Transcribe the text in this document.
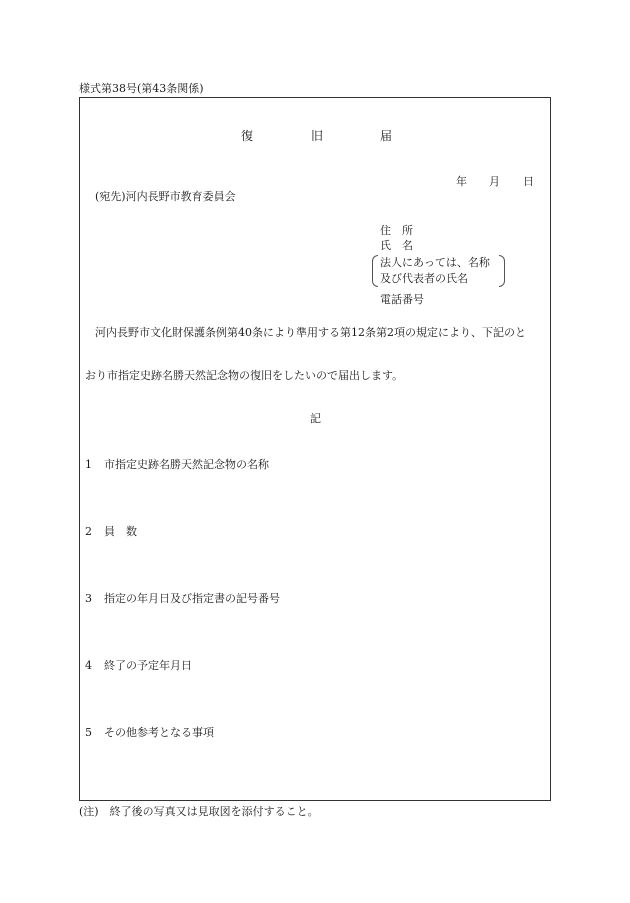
様式第38号(第43条関係)
復	旧	届
年 月 日
(宛先)河内長野市教育委員会
住　所
氏　名
法人にあっては、名称
及び代表者の氏名
電話番号
河内長野市文化財保護条例第40条により準用する第12条第2項の規定により、下記のと
おり市指定史跡名勝天然記念物の復旧をしたいので届出します。
記
1 市指定史跡名勝天然記念物の名称
2 員　数
3 指定の年月日及び指定書の記号番号
4 終了の予定年月日
5 その他参考となる事項
(注)　終了後の写真又は見取図を添付すること。
